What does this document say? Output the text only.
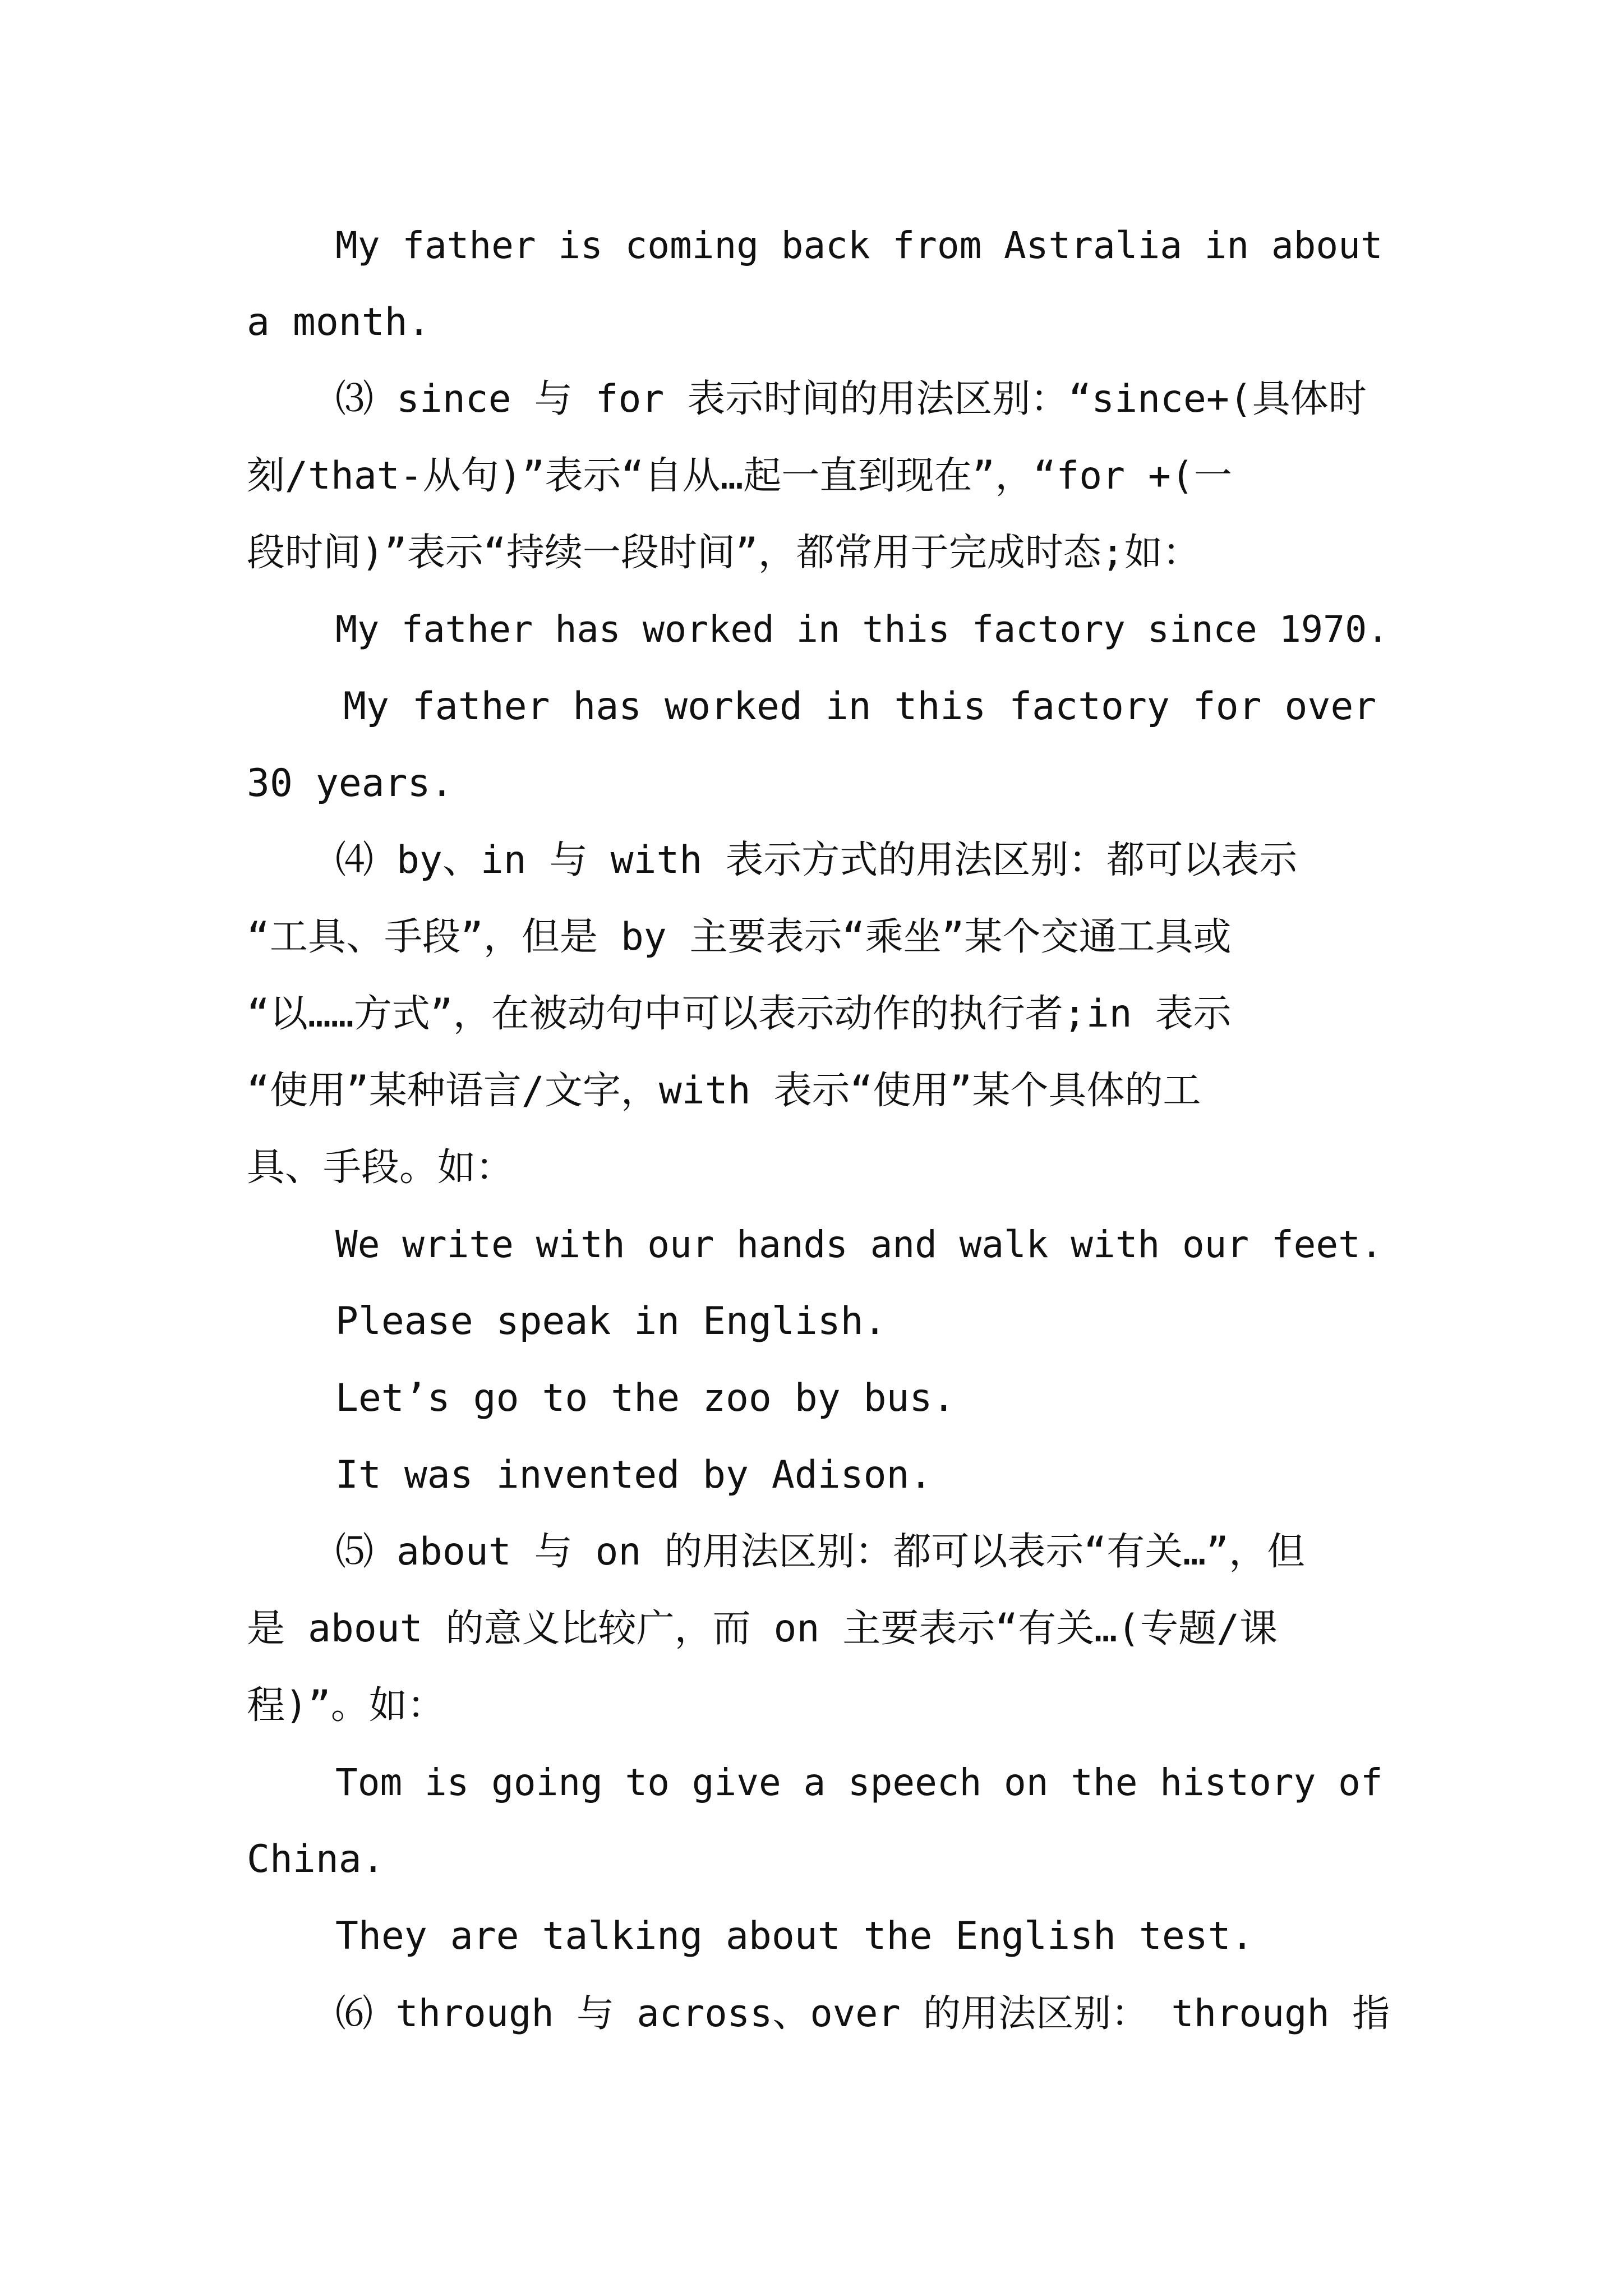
My father is coming back from Astralia in about
a month.
⑶ since 与 for 表示时间的用法区别：“since+(具体时
刻/that-从句)”表示“自从…起一直到现在”，“for +(一
段时间)”表示“持续一段时间”，都常用于完成时态;如：
My father has worked in this factory since 1970.
My father has worked in this factory for over
30 years.
⑷ by、in 与 with 表示方式的用法区别：都可以表示
“工具、手段”，但是 by 主要表示“乘坐”某个交通工具或
“以……方式”，在被动句中可以表示动作的执行者;in 表示
“使用”某种语言/文字，with 表示“使用”某个具体的工
具、手段。如：
We write with our hands and walk with our feet.
Please speak in English.
Let’s go to the zoo by bus.
It was invented by Adison.
⑸ about 与 on 的用法区别：都可以表示“有关…”，但
是 about 的意义比较广，而 on 主要表示“有关…(专题/课
程)”。如：
Tom is going to give a speech on the history of
China.
They are talking about the English test.
⑹ through 与 across、over 的用法区别： through 指
